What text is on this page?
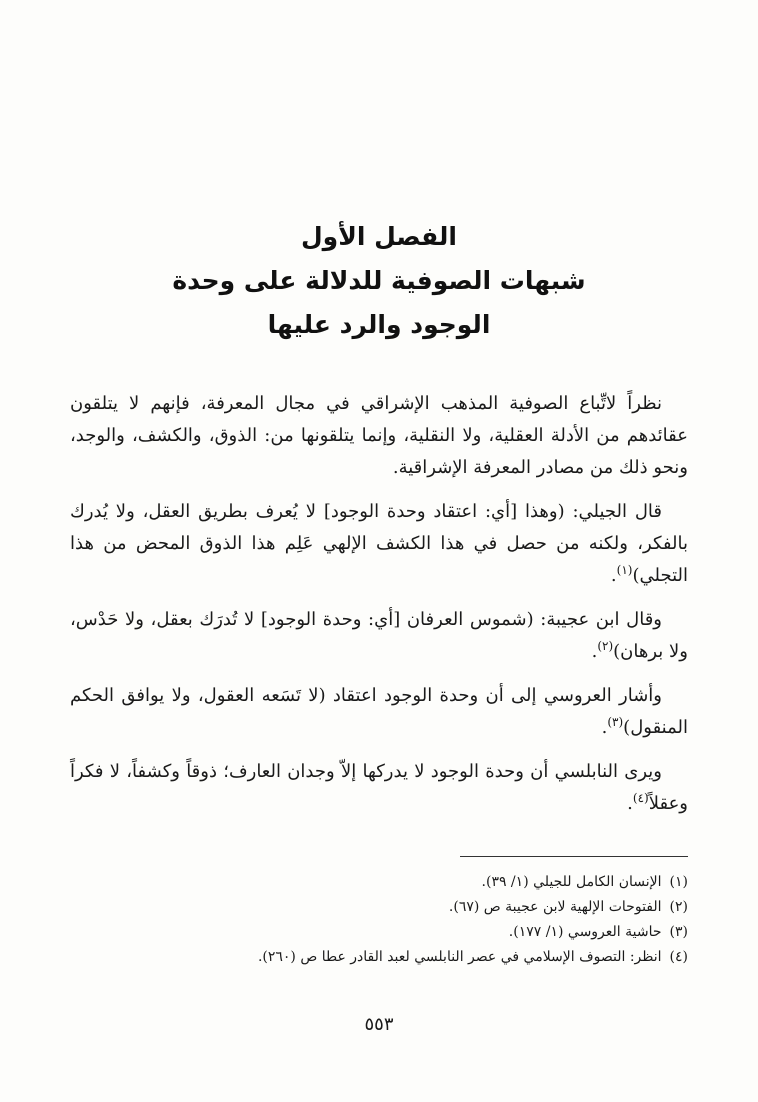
الفصل الأول

شبهات الصوفية للدلالة على وحدة

الوجود والرد عليها

نظراً لاتِّباع الصوفية المذهب الإشراقي في مجال المعرفة، فإنهم لا يتلقون عقائدهم من الأدلة العقلية، ولا النقلية، وإنما يتلقونها من: الذوق، والكشف، والوجد، ونحو ذلك من مصادر المعرفة الإشراقية.

قال الجيلي: (وهذا [أي: اعتقاد وحدة الوجود] لا يُعرف بطريق العقل، ولا يُدرك بالفكر، ولكنه من حصل في هذا الكشف الإلهي عَلِم هذا الذوق المحض من هذا التجلي)$^{(١)}$.

وقال ابن عجيبة: (شموس العرفان [أي: وحدة الوجود] لا تُدرَك بعقل، ولا حَدْس، ولا برهان)$^{(٢)}$.

وأشار العروسي إلى أن وحدة الوجود اعتقاد (لا تَسَعه العقول، ولا يوافق الحكم المنقول)$^{(٣)}$.

ويرى النابلسي أن وحدة الوجود لا يدركها إلاّ وجدان العارف؛ ذوقاً وكشفاً، لا فكراً وعقلاً$^{(٤)}$.

(١)الإنسان الكامل للجيلي (١/ ٣٩).

(٢)الفتوحات الإلهية لابن عجيبة ص (٦٧).

(٣)حاشية العروسي (١/ ١٧٧).

(٤)انظر: التصوف الإسلامي في عصر النابلسي لعبد القادر عطا ص (٢٦٠).

٥٥٣
